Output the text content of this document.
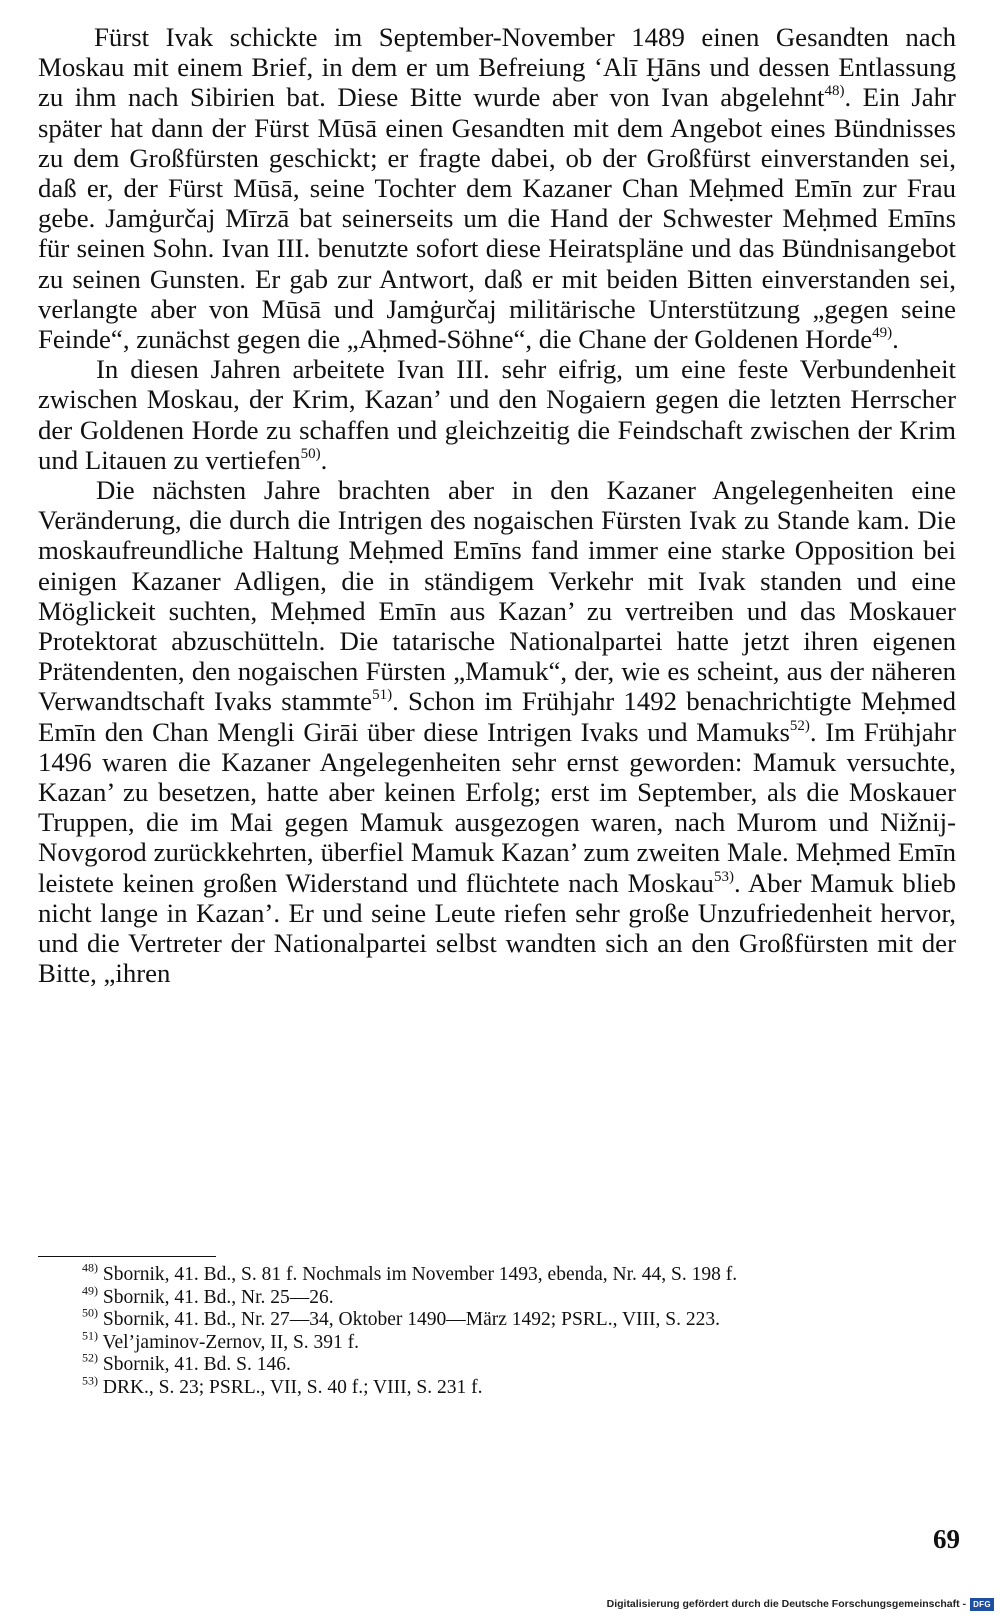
Fürst Ivak schickte im September-November 1489 einen Gesandten nach Moskau mit einem Brief, in dem er um Befreiung ‘Alī Ḫāns und dessen Entlassung zu ihm nach Sibirien bat. Diese Bitte wurde aber von Ivan abgelehnt$^{48)}$. Ein Jahr später hat dann der Fürst Mūsā einen Gesandten mit dem Angebot eines Bündnisses zu dem Großfürsten geschickt; er fragte dabei, ob der Großfürst einverstanden sei, daß er, der Fürst Mūsā, seine Tochter dem Kazaner Chan Meḥmed Emīn zur Frau gebe. Jamġurčaj Mīrzā bat seinerseits um die Hand der Schwester Meḥmed Emīns für seinen Sohn. Ivan III. benutzte sofort diese Heiratspläne und das Bündnisangebot zu seinen Gunsten. Er gab zur Antwort, daß er mit beiden Bitten einverstanden sei, verlangte aber von Mūsā und Jamġurčaj militärische Unterstützung „gegen seine Feinde“, zunächst gegen die „Aḥmed-Söhne“, die Chane der Goldenen Horde$^{49)}$.

In diesen Jahren arbeitete Ivan III. sehr eifrig, um eine feste Verbundenheit zwischen Moskau, der Krim, Kazan’ und den Nogaiern gegen die letzten Herrscher der Goldenen Horde zu schaffen und gleichzeitig die Feindschaft zwischen der Krim und Litauen zu vertiefen$^{50)}$.

Die nächsten Jahre brachten aber in den Kazaner Angelegenheiten eine Veränderung, die durch die Intrigen des nogaischen Fürsten Ivak zu Stande kam. Die moskaufreundliche Haltung Meḥmed Emīns fand immer eine starke Opposition bei einigen Kazaner Adligen, die in ständigem Verkehr mit Ivak standen und eine Möglickeit suchten, Meḥmed Emīn aus Kazan’ zu vertreiben und das Moskauer Protektorat abzuschütteln. Die tatarische Nationalpartei hatte jetzt ihren eigenen Prätendenten, den nogaischen Fürsten „Mamuk“, der, wie es scheint, aus der näheren Verwandtschaft Ivaks stammte$^{51)}$. Schon im Frühjahr 1492 benachrichtigte Meḥmed Emīn den Chan Mengli Girāi über diese Intrigen Ivaks und Mamuks$^{52)}$. Im Frühjahr 1496 waren die Kazaner Angelegenheiten sehr ernst geworden: Mamuk versuchte, Kazan’ zu besetzen, hatte aber keinen Erfolg; erst im September, als die Moskauer Truppen, die im Mai gegen Mamuk ausgezogen waren, nach Murom und Nižnij-Novgorod zurückkehrten, überfiel Mamuk Kazan’ zum zweiten Male. Meḥmed Emīn leistete keinen großen Widerstand und flüchtete nach Moskau$^{53)}$. Aber Mamuk blieb nicht lange in Kazan’. Er und seine Leute riefen sehr große Unzufriedenheit hervor, und die Vertreter der Nationalpartei selbst wandten sich an den Großfürsten mit der Bitte, „ihren

$^{48)}$ Sbornik, 41. Bd., S. 81 f. Nochmals im November 1493, ebenda, Nr. 44, S. 198 f.

$^{49)}$ Sbornik, 41. Bd., Nr. 25—26.

$^{50)}$ Sbornik, 41. Bd., Nr. 27—34, Oktober 1490—März 1492; PSRL., VIII, S. 223.

$^{51)}$ Vel’jaminov-Zernov, II, S. 391 f.

$^{52)}$ Sbornik, 41. Bd. S. 146.

$^{53)}$ DRK., S. 23; PSRL., VII, S. 40 f.; VIII, S. 231 f.

69
Digitalisierung gefördert durch die Deutsche Forschungsgemeinschaft - DFG
